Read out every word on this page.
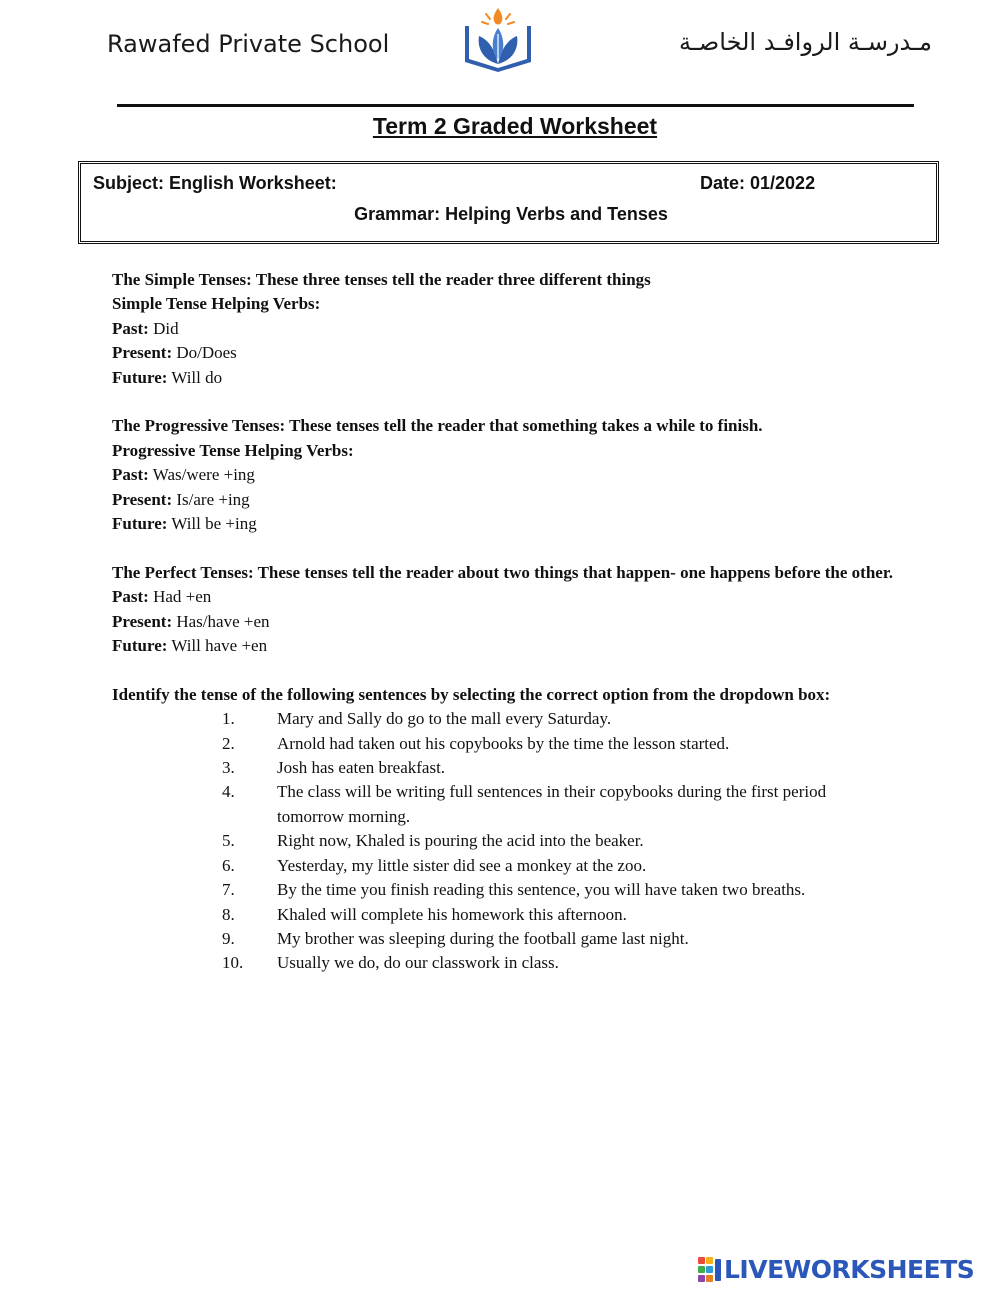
Rawafed Private School	مـدرسـة الروافـد الخاصـة
Term 2 Graded Worksheet
Subject: English Worksheet:	Date: 01/2022
Grammar: Helping Verbs and Tenses

The Simple Tenses: These three tenses tell the reader three different things

Simple Tense Helping Verbs:

Past: Did

Present: Do/Does

Future: Will do

The Progressive Tenses: These tenses tell the reader that something takes a while to finish.

Progressive Tense Helping Verbs:

Past: Was/were +ing

Present: Is/are +ing

Future: Will be +ing

The Perfect Tenses: These tenses tell the reader about two things that happen- one happens before the other.

Past: Had +en

Present: Has/have +en

Future: Will have +en

Identify the tense of the following sentences by selecting the correct option from the dropdown box:

1. Mary and Sally do go to the mall every Saturday.
2. Arnold had taken out his copybooks by the time the lesson started.
3. Josh has eaten breakfast.
4. The class will be writing full sentences in their copybooks during the first period tomorrow morning.
5. Right now, Khaled is pouring the acid into the beaker.
6. Yesterday, my little sister did see a monkey at the zoo.
7. By the time you finish reading this sentence, you will have taken two breaths.
8. Khaled will complete his homework this afternoon.
9. My brother was sleeping during the football game last night.
10. Usually we do, do our classwork in class.
LIVEWORKSHEETS
